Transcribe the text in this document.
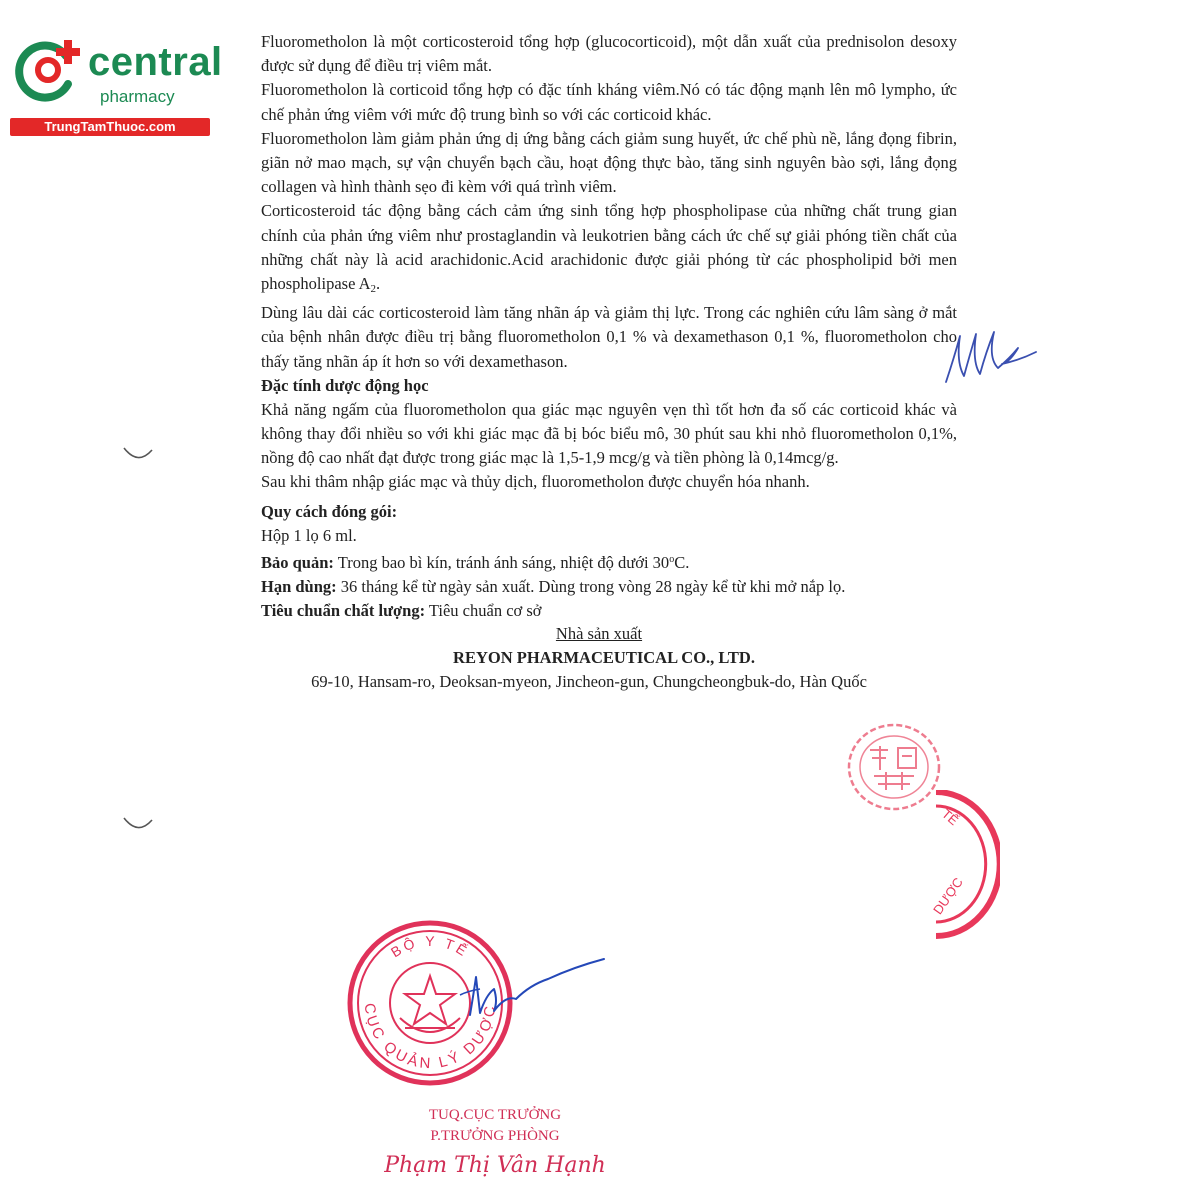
central
pharmacy
TrungTamThuoc.com

Fluorometholon là một corticosteroid tổng hợp (glucocorticoid), một dẫn xuất của prednisolon desoxy được sử dụng để điều trị viêm mắt.

Fluorometholon là corticoid tổng hợp có đặc tính kháng viêm.Nó có tác động mạnh lên mô lympho, ức chế phản ứng viêm với mức độ trung bình so với các corticoid khác.

Fluorometholon làm giảm phản ứng dị ứng bằng cách giảm sung huyết, ức chế phù nề, lắng đọng fibrin, giãn nở mao mạch, sự vận chuyển bạch cầu, hoạt động thực bào, tăng sinh nguyên bào sợi, lắng đọng collagen và hình thành sẹo đi kèm với quá trình viêm.

Corticosteroid tác động bằng cách cảm ứng sinh tổng hợp phospholipase của những chất trung gian chính của phản ứng viêm như prostaglandin và leukotrien bằng cách ức chế sự giải phóng tiền chất của những chất này là acid arachidonic.Acid arachidonic được giải phóng từ các phospholipid bởi men phospholipase A2.

Dùng lâu dài các corticosteroid làm tăng nhãn áp và giảm thị lực. Trong các nghiên cứu lâm sàng ở mắt của bệnh nhân được điều trị bằng fluorometholon 0,1 % và dexamethason 0,1 %, fluorometholon cho thấy tăng nhãn áp ít hơn so với dexamethason.

Đặc tính dược động học

Khả năng ngấm của fluorometholon qua giác mạc nguyên vẹn thì tốt hơn đa số các corticoid khác và không thay đổi nhiều so với khi giác mạc đã bị bóc biểu mô, 30 phút sau khi nhỏ fluorometholon 0,1%, nồng độ cao nhất đạt được trong giác mạc là 1,5-1,9 mcg/g và tiền phòng là 0,14mcg/g.

Sau khi thâm nhập giác mạc và thủy dịch, fluorometholon được chuyển hóa nhanh.

Quy cách đóng gói:

Hộp 1 lọ 6 ml.

Bảo quản: Trong bao bì kín, tránh ánh sáng, nhiệt độ dưới 30$^o$C.

Hạn dùng: 36 tháng kể từ ngày sản xuất. Dùng trong vòng 28 ngày kể từ khi mở nắp lọ.

Tiêu chuẩn chất lượng: Tiêu chuẩn cơ sở

Nhà sản xuất

REYON PHARMACEUTICAL CO., LTD.

69-10, Hansam-ro, Deoksan-myeon, Jincheon-gun, Chungcheongbuk-do, Hàn Quốc

TẾ
DƯỢC
BỘ Y TẾ
CỤC QUẢN LÝ DƯỢC

TUQ.CỤC TRƯỞNG

P.TRƯỞNG PHÒNG

Phạm Thị Vân Hạnh
